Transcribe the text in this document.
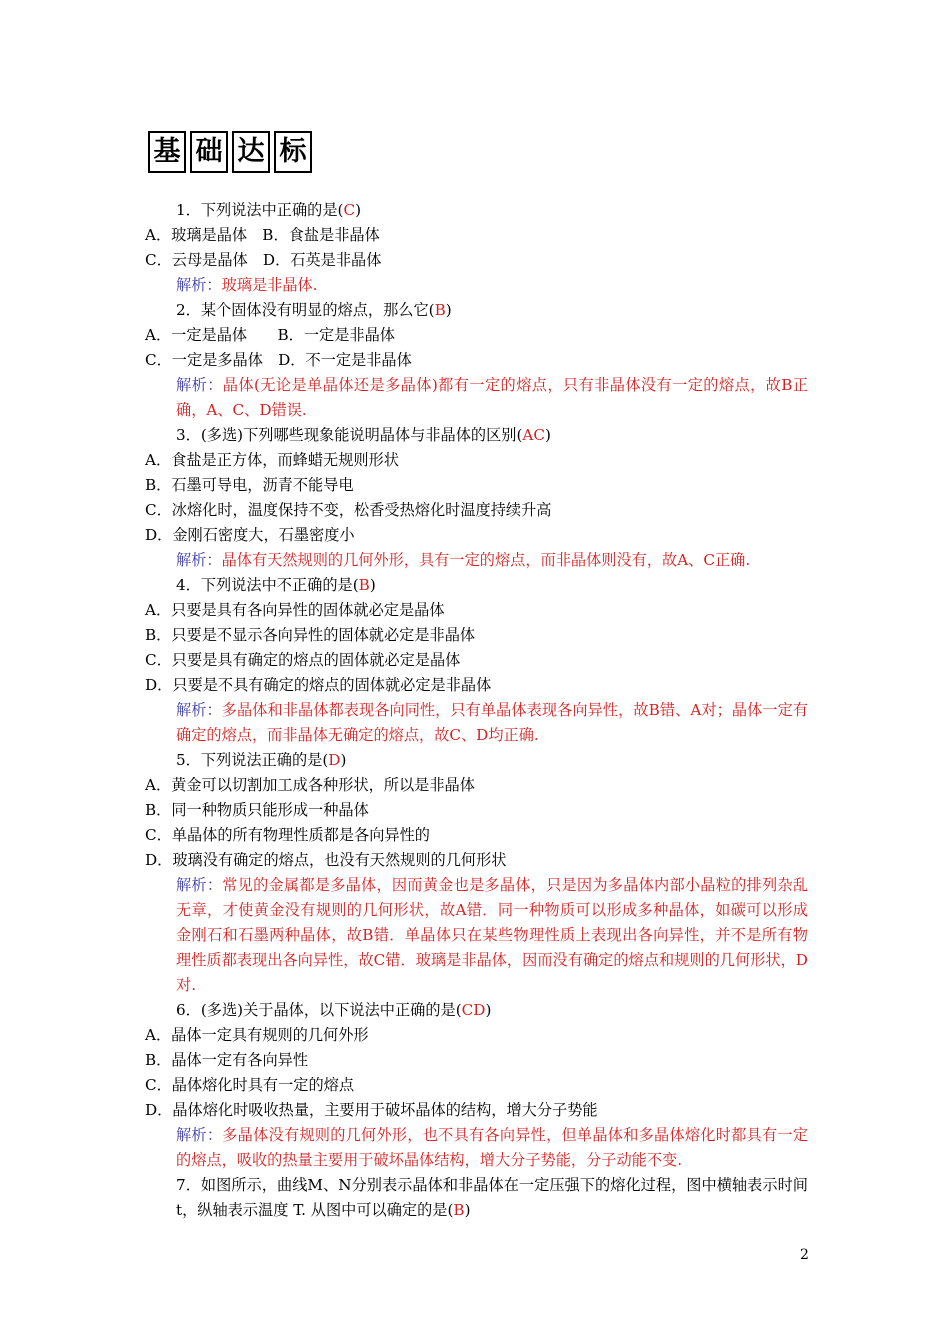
基 础 达 标
1．下列说法中正确的是(C)
A．玻璃是晶体　B．食盐是非晶体
C．云母是晶体　D．石英是非晶体
解析：玻璃是非晶体.
2．某个固体没有明显的熔点，那么它(B)
A．一定是晶体　　B．一定是非晶体
C．一定是多晶体　D．不一定是非晶体
解析：晶体(无论是单晶体还是多晶体)都有一定的熔点，只有非晶体没有一定的熔点，故B正确，A、C、D错误.
3．(多选)下列哪些现象能说明晶体与非晶体的区别(AC)
A．食盐是正方体，而蜂蜡无规则形状
B．石墨可导电，沥青不能导电
C．冰熔化时，温度保持不变，松香受热熔化时温度持续升高
D．金刚石密度大，石墨密度小
解析：晶体有天然规则的几何外形，具有一定的熔点，而非晶体则没有，故A、C正确.
4．下列说法中不正确的是(B)
A．只要是具有各向异性的固体就必定是晶体
B．只要是不显示各向异性的固体就必定是非晶体
C．只要是具有确定的熔点的固体就必定是晶体
D．只要是不具有确定的熔点的固体就必定是非晶体
解析：多晶体和非晶体都表现各向同性，只有单晶体表现各向异性，故B错、A对；晶体一定有确定的熔点，而非晶体无确定的熔点，故C、D均正确.
5．下列说法正确的是(D)
A．黄金可以切割加工成各种形状，所以是非晶体
B．同一种物质只能形成一种晶体
C．单晶体的所有物理性质都是各向异性的
D．玻璃没有确定的熔点，也没有天然规则的几何形状
解析：常见的金属都是多晶体，因而黄金也是多晶体，只是因为多晶体内部小晶粒的排列杂乱无章，才使黄金没有规则的几何形状，故A错．同一种物质可以形成多种晶体，如碳可以形成金刚石和石墨两种晶体，故B错．单晶体只在某些物理性质上表现出各向异性，并不是所有物理性质都表现出各向异性，故C错．玻璃是非晶体，因而没有确定的熔点和规则的几何形状，D对.
6．(多选)关于晶体，以下说法中正确的是(CD)
A．晶体一定具有规则的几何外形
B．晶体一定有各向异性
C．晶体熔化时具有一定的熔点
D．晶体熔化时吸收热量，主要用于破坏晶体的结构，增大分子势能
解析：多晶体没有规则的几何外形，也不具有各向异性，但单晶体和多晶体熔化时都具有一定的熔点，吸收的热量主要用于破坏晶体结构，增大分子势能，分子动能不变.
7．如图所示，曲线M、N分别表示晶体和非晶体在一定压强下的熔化过程，图中横轴表示时间 t，纵轴表示温度 T. 从图中可以确定的是(B)
2
